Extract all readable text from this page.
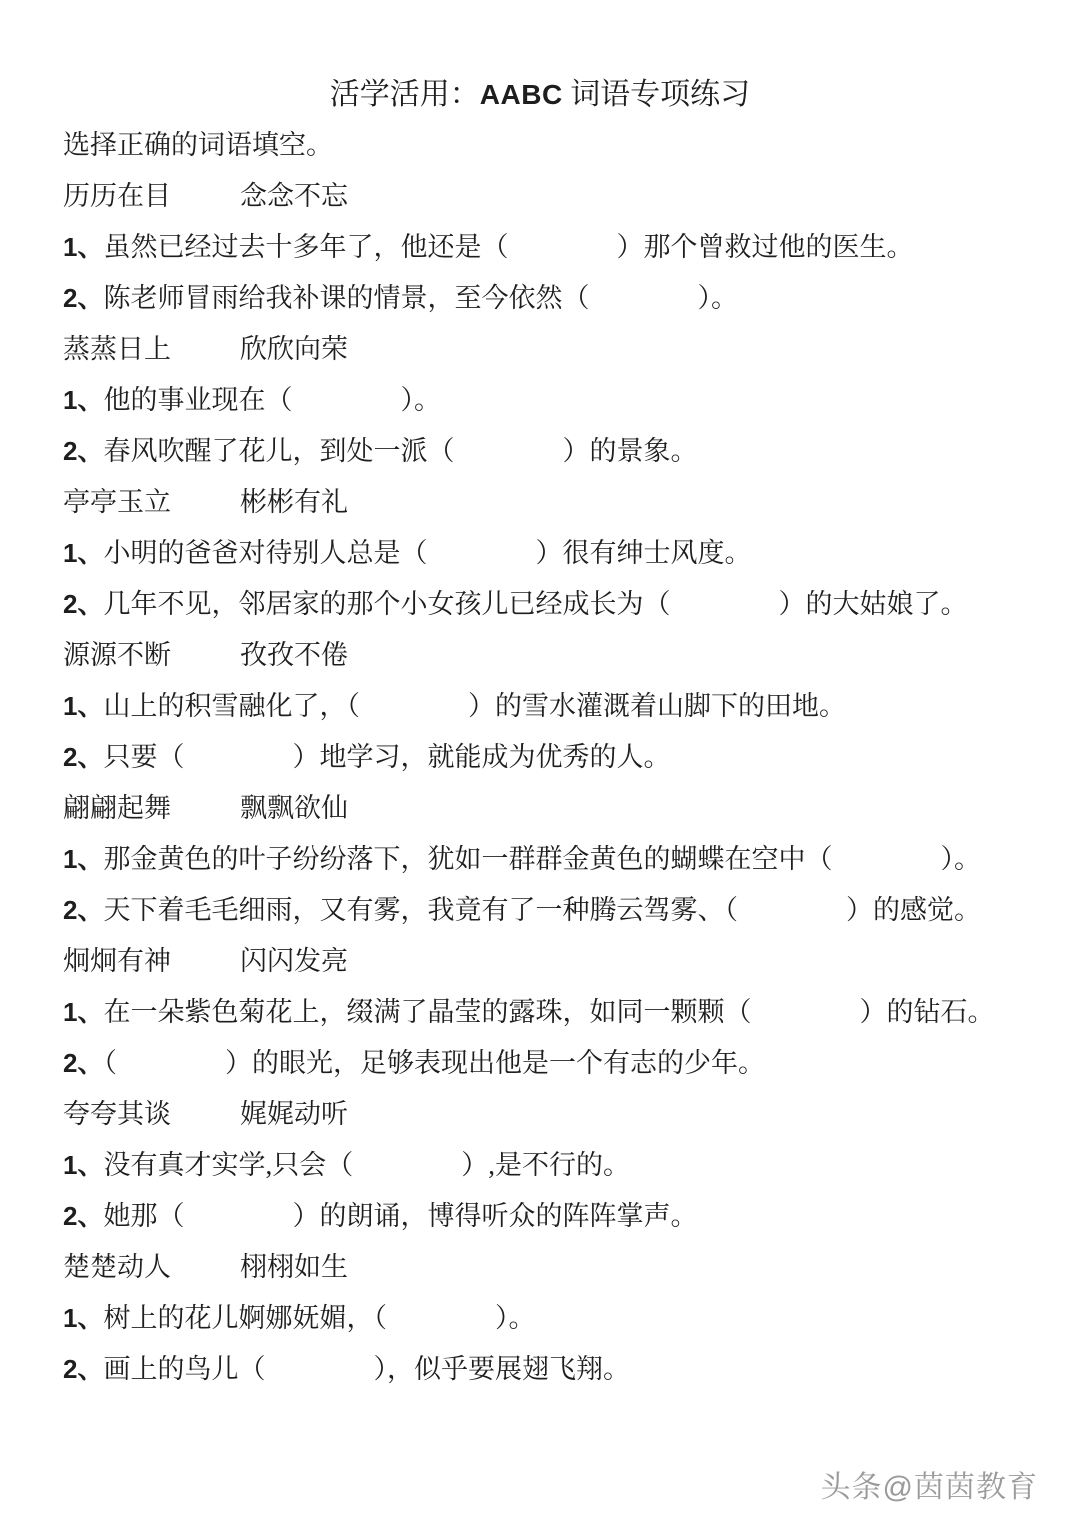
活学活用：AABC 词语专项练习

选择正确的词语填空。

历历在目	念念不忘

1、虽然已经过去十多年了，他还是（　　　　）那个曾救过他的医生。

2、陈老师冒雨给我补课的情景，至今依然（　　　　）。

蒸蒸日上	欣欣向荣

1、他的事业现在（　　　　）。

2、春风吹醒了花儿，到处一派（　　　　）的景象。

亭亭玉立	彬彬有礼

1、小明的爸爸对待别人总是（　　　　）很有绅士风度。

2、几年不见，邻居家的那个小女孩儿已经成长为（　　　　）的大姑娘了。

源源不断	孜孜不倦

1、山上的积雪融化了，（　　　　）的雪水灌溉着山脚下的田地。

2、只要（　　　　）地学习，就能成为优秀的人。

翩翩起舞	飘飘欲仙

1、那金黄色的叶子纷纷落下，犹如一群群金黄色的蝴蝶在空中（　　　　）。

2、天下着毛毛细雨，又有雾，我竟有了一种腾云驾雾、（　　　　）的感觉。

炯炯有神	闪闪发亮

1、在一朵紫色菊花上，缀满了晶莹的露珠，如同一颗颗（　　　　）的钻石。

2、（　　　　）的眼光，足够表现出他是一个有志的少年。

夸夸其谈	娓娓动听

1、没有真才实学,只会（　　　　）,是不行的。

2、她那（　　　　）的朗诵，博得听众的阵阵掌声。

楚楚动人	栩栩如生

1、树上的花儿婀娜妩媚，（　　　　）。

2、画上的鸟儿（　　　　），似乎要展翅飞翔。

头条@茵茵教育
